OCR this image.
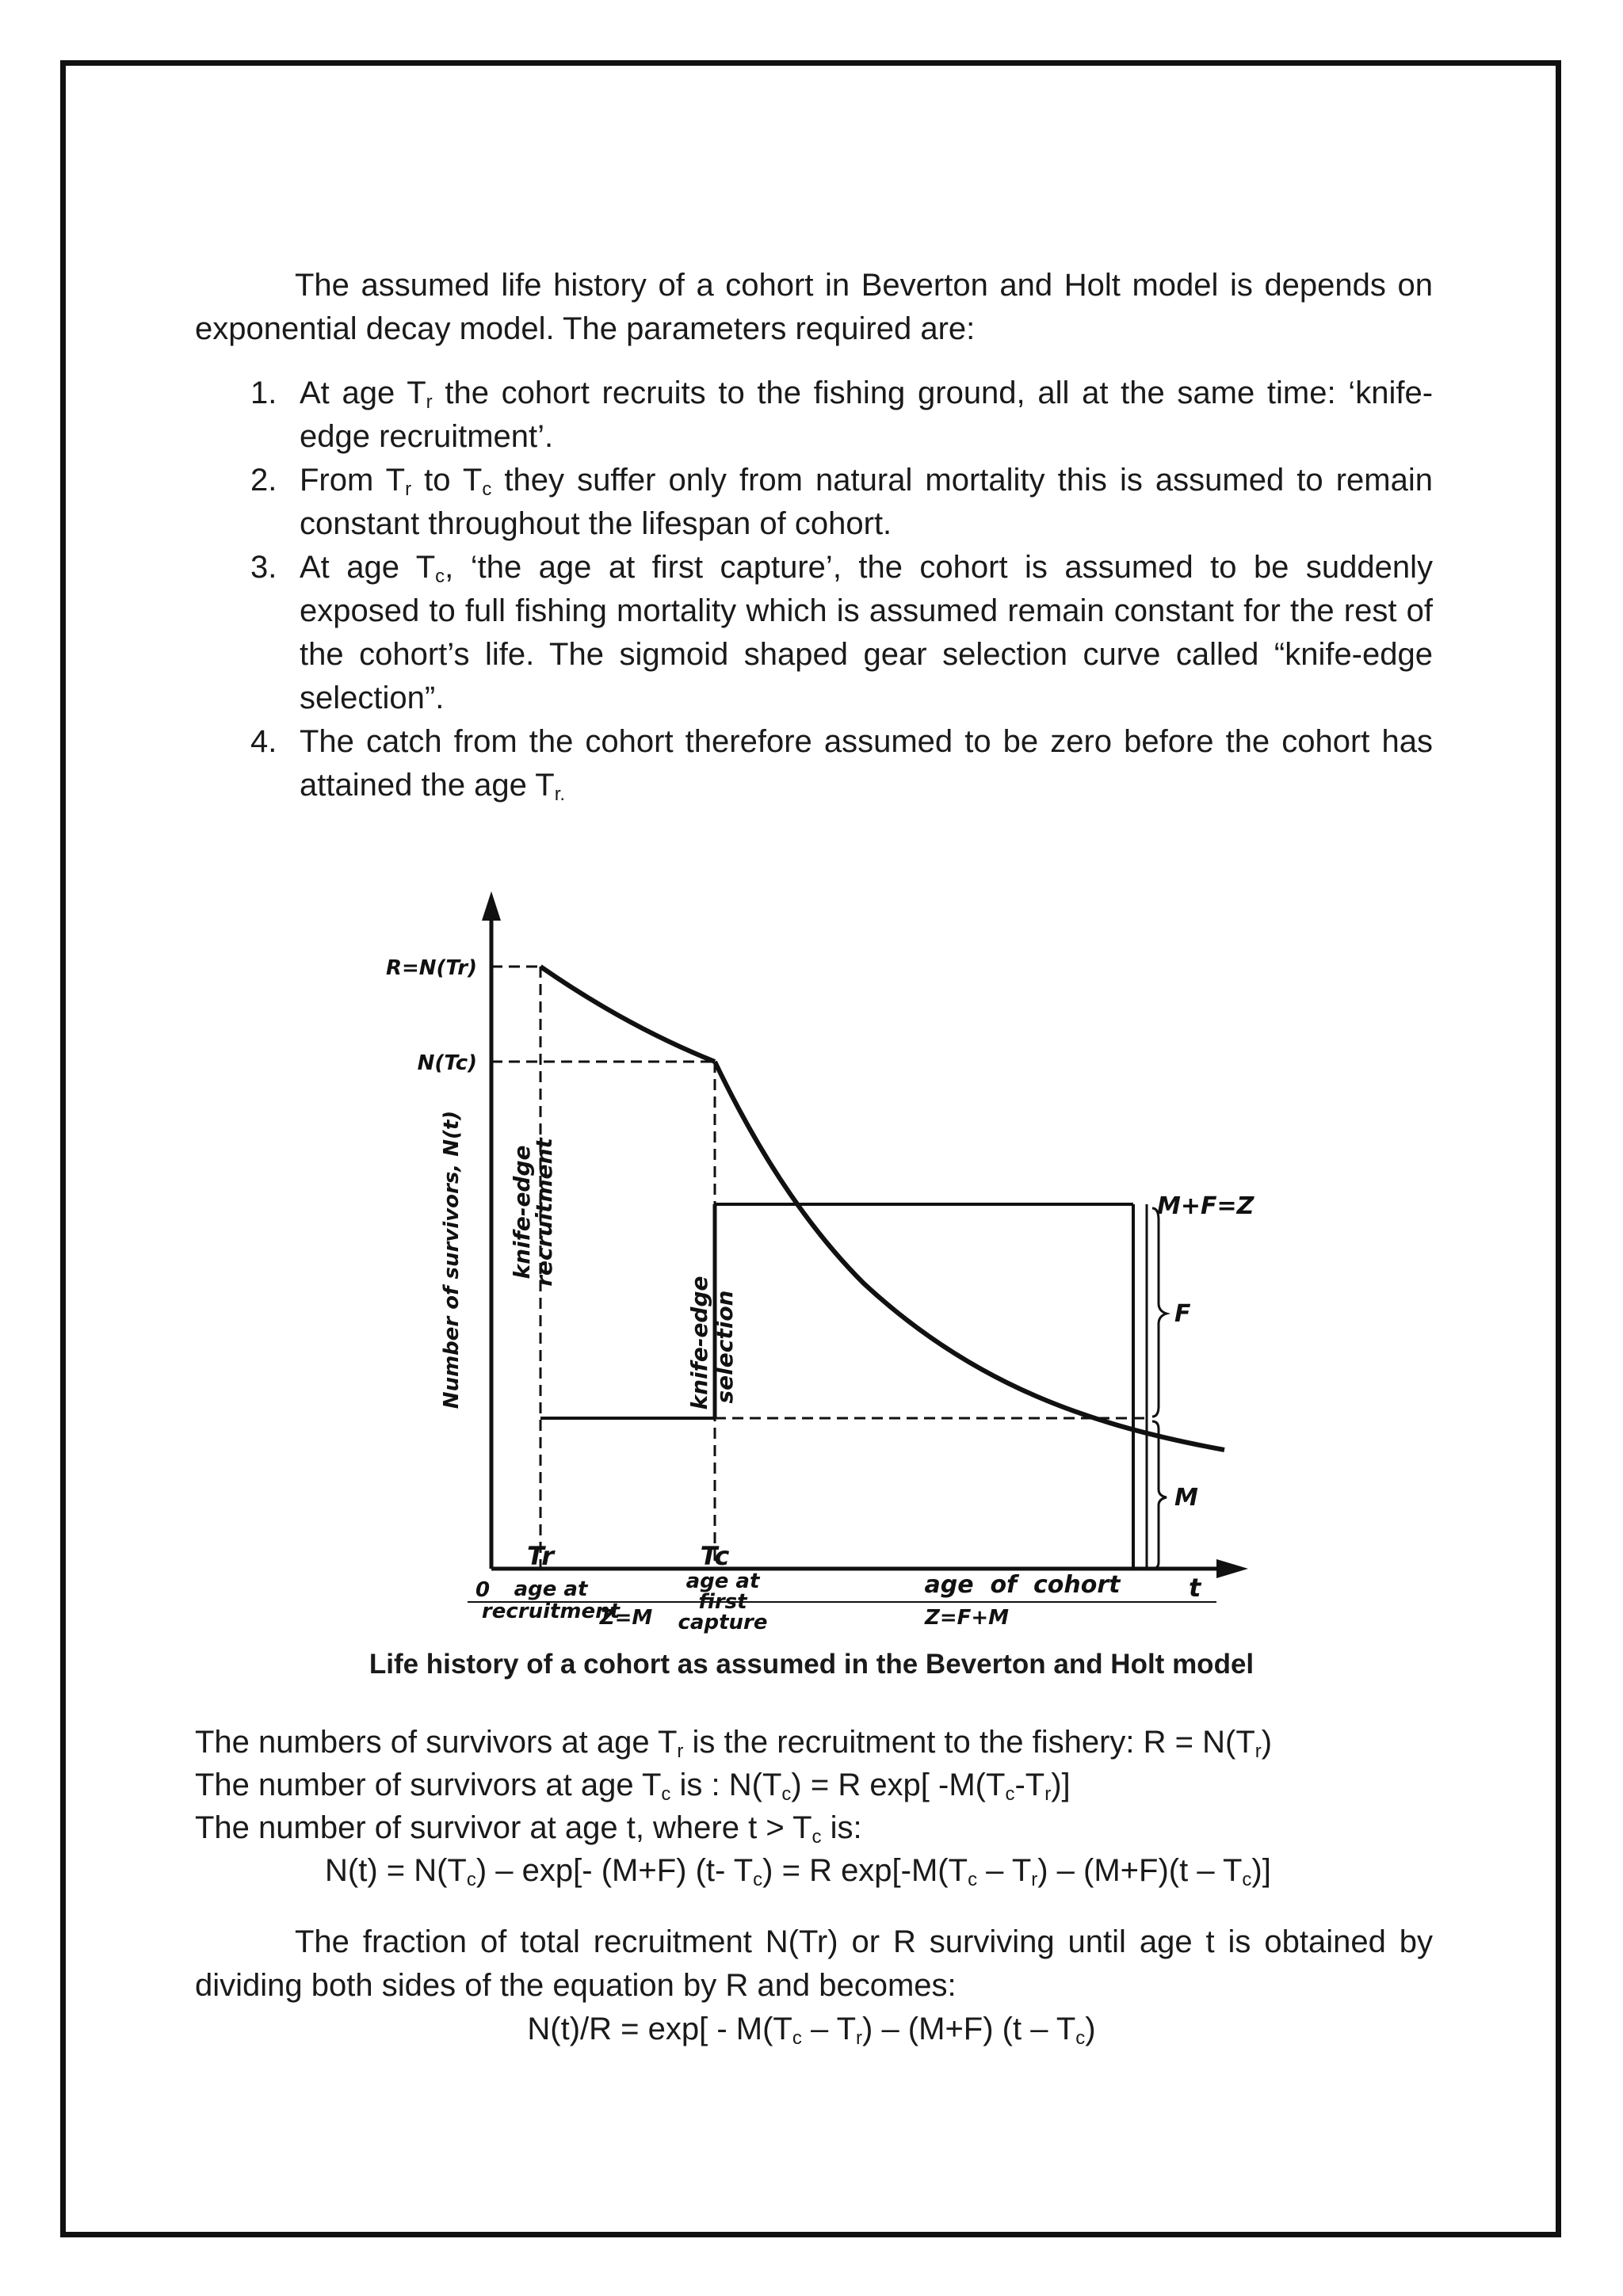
The assumed life history of a cohort in Beverton and Holt model is depends on exponential decay model. The parameters required are:

1. At age $T_r$ the cohort recruits to the fishing ground, all at the same time: ‘knife-edge recruitment’.
2. From $T_r$ to $T_c$ they suffer only from natural mortality this is assumed to remain constant throughout the lifespan of cohort.
3. At age $T_c$, ‘the age at first capture’, the cohort is assumed to be suddenly exposed to full fishing mortality which is assumed remain constant for the rest of the cohort’s life. The sigmoid shaped gear selection curve called “knife-edge selection”.
4. The catch from the cohort therefore assumed to be zero before the cohort has attained the age $T_{r.}$
Number of survivors, N(t)
R=N(Tr)
N(Tc)
0
Tr	Tc
t
knife-edge
recruitment
knife-edge selection
age at
recruitment
age at
first
capture
age  of  cohort
Z=M	Z=F+M
M+F=Z
F
M

Life history of a cohort as assumed in the Beverton and Holt model

The numbers of survivors at age $T_r$ is the recruitment to the fishery: $R = N(T_r)$

The number of survivors at age $T_c$ is : $N(T_c) = R$ exp[ $-M(T_c-T_r)$]

The number of survivor at age t, where $t > T_c$ is:

$N(t) = N(T_c) - \exp[-$ (M+F) (t- $T_c) = R$ $\exp[-M(T_c - T_r) - (M+F)(t - T_c)]$

The fraction of total recruitment N(Tr) or R surviving until age t is obtained by dividing both sides of the equation by R and becomes:

$N(t)/R = \exp[ - M(T_c - T_r) - (M+F)$ $(t - T_c)$
